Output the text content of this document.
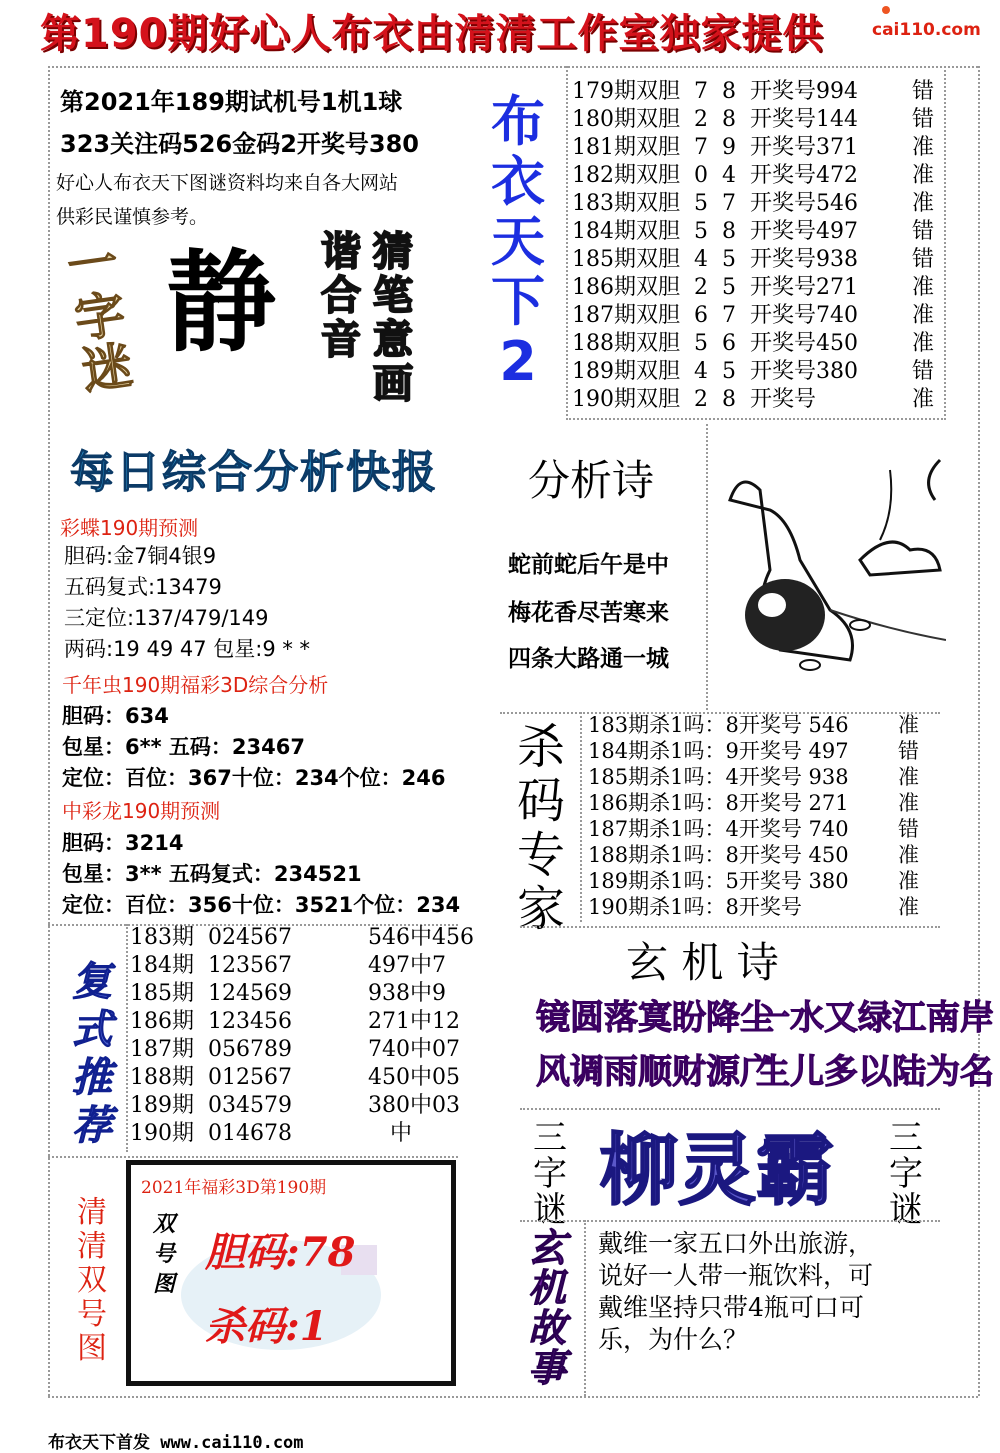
cai110.com
第190期好心人布衣由清清工作室独家提供
第2021年189期试机号1机1球
323关注码526金码2开奖号380
好心人布衣天下图谜资料均来自各大网站
供彩民谨慎参考。
布
衣
天
下
2
179期双胆 7 8 开奖号994 错
180期双胆 2 8 开奖号144 错
181期双胆 7 9 开奖号371 准
182期双胆 0 4 开奖号472 准
183期双胆 5 7 开奖号546 准
184期双胆 5 8 开奖号497 错
185期双胆 4 5 开奖号938 错
186期双胆 2 5 开奖号271 准
187期双胆 6 7 开奖号740 准
188期双胆 5 6 开奖号450 准
189期双胆 4 5 开奖号380 错
190期双胆 2 8 开奖号	准
一
字
迷
静 谐合音
猜笔意
画
每日综合分析快报
彩蝶190期预测
胆码:金7铜4银9
五码复式:13479
三定位:137/479/149
两码:19 49 47 包星:9 * *
千年虫190期福彩3D综合分析
胆码：634
包星：6** 五码：23467
定位：百位：367十位：234个位：246
中彩龙190期预测
胆码：3214
包星：3** 五码复式：234521
定位：百位：356十位：3521个位：234
分析诗
蛇前蛇后午是中
梅花香尽苦寒来
四条大路通一城
杀
码
专
家
183期杀1吗：8开奖号 546 准
184期杀1吗：9开奖号 497 错
185期杀1吗：4开奖号 938 准
186期杀1吗：8开奖号 271 准
187期杀1吗：4开奖号 740 错
188期杀1吗：8开奖号 450 准
189期杀1吗：5开奖号 380 准
190期杀1吗：8开奖号	准
玄 机 诗
镜圆落寞盼降尘
一水又绿江南岸
风调雨顺财源广
生儿多以陆为名
复
式
推
荐
183期 024567	546中456
184期 123567	497中7
185期 124569	938中9
186期 123456	271中12
187期 056789	740中07
188期 012567	450中05
189期 034579	380中03
190期 014678	中	三
字
谜 柳灵霸	三
字
谜
清
清
双
号
图
2021年福彩3D第190期
双
号
图
胆码:78
杀码:1
玄
机
故
事
戴维一家五口外出旅游，
说好一人带一瓶饮料，可
戴维坚持只带4瓶可口可
乐，为什么？
布衣天下首发 www.cai110.com
